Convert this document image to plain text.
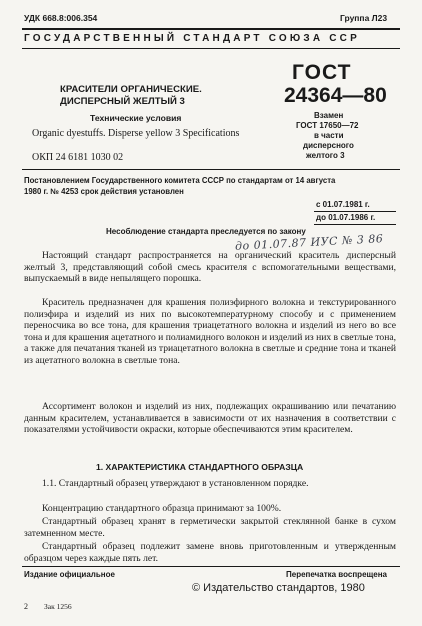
УДК 668.8:006.354	Группа Л23
ГОСУДАРСТВЕННЫЙ СТАНДАРТ СОЮЗА ССР
КРАСИТЕЛИ ОРГАНИЧЕСКИЕ.
ДИСПЕРСНЫЙ ЖЕЛТЫЙ 3
Технические условия
Organic dyestuffs. Disperse yellow 3 Specifications
ОКП 24 6181 1030 02
ГОСТ
24364—80
Взамен
ГОСТ 17650—72
в части
дисперсного
желтого 3
Постановлением Государственного комитета СССР по стандартам от 14 августа
1980 г. № 4253 срок действия установлен
с 01.07.1981 г.
до 01.07.1986 г.
Несоблюдение стандарта преследуется по закону
до 01.07.87 ИУС № 3 86
Настоящий стандарт распространяется на органический краситель дисперсный желтый 3, представляющий собой смесь красителя с вспомогательными веществами, выпускаемый в виде непылящего порошка.
Краситель предназначен для крашения полиэфирного волокна и текстурированного полиэфира и изделий из них по высокотемпературному способу и с применением переносчика во все тона, для крашения триацетатного волокна и изделий из него во все тона и для крашения ацетатного и полиамидного волокон и изделий из них в светлые тона, а также для печатания тканей из триацетатного волокна в светлые и средние тона и тканей из ацетатного волокна в светлые тона.
Ассортимент волокон и изделий из них, подлежащих окрашиванию или печатанию данным красителем, устанавливается в зависимости от их назначения в соответствии с показателями устойчивости окраски, которые обеспечиваются этим красителем.
1. ХАРАКТЕРИСТИКА СТАНДАРТНОГО ОБРАЗЦА
1.1. Стандартный образец утверждают в установленном порядке.
Концентрацию стандартного образца принимают за 100%.
Стандартный образец хранят в герметически закрытой стеклянной банке в сухом затемненном месте.
Стандартный образец подлежит замене вновь приготовленным и утвержденным образцом через каждые пять лет.
Издание официальное	Перепечатка воспрещена
© Издательство стандартов, 1980
2 Зак 1256
